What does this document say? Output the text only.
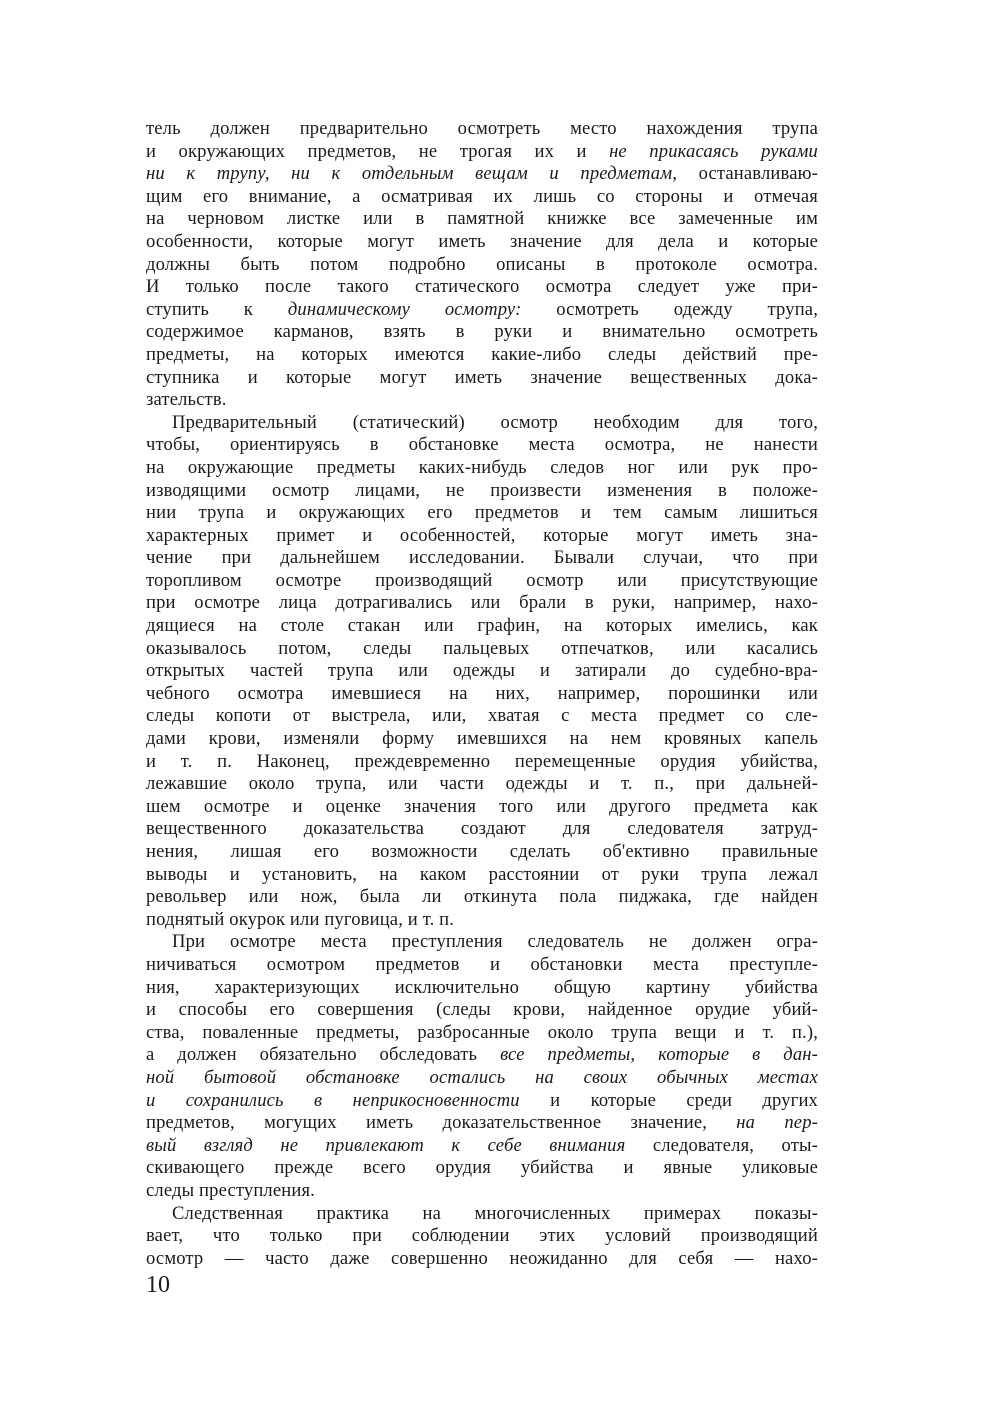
тель должен предварительно осмотреть место нахождения трупа
и окружающих предметов, не трогая их и не прикасаясь руками
ни к трупу, ни к отдельным вещам и предметам, останавливаю-
щим его внимание, а осматривая их лишь со стороны и отмечая
на черновом листке или в памятной книжке все замеченные им
особенности, которые могут иметь значение для дела и которые
должны быть потом подробно описаны в протоколе осмотра.
И только после такого статического осмотра следует уже при-
ступить к динамическому осмотру: осмотреть одежду трупа,
содержимое карманов, взять в руки и внимательно осмотреть
предметы, на которых имеются какие-либо следы действий пре-
ступника и которые могут иметь значение вещественных дока-
зательств.
Предварительный (статический) осмотр необходим для того,
чтобы, ориентируясь в обстановке места осмотра, не нанести
на окружающие предметы каких-нибудь следов ног или рук про-
изводящими осмотр лицами, не произвести изменения в положе-
нии трупа и окружающих его предметов и тем самым лишиться
характерных примет и особенностей, которые могут иметь зна-
чение при дальнейшем исследовании. Бывали случаи, что при
торопливом осмотре производящий осмотр или присутствующие
при осмотре лица дотрагивались или брали в руки, например, нахо-
дящиеся на столе стакан или графин, на которых имелись, как
оказывалось потом, следы пальцевых отпечатков, или касались
открытых частей трупа или одежды и затирали до судебно-вра-
чебного осмотра имевшиеся на них, например, порошинки или
следы копоти от выстрела, или, хватая с места предмет со сле-
дами крови, изменяли форму имевшихся на нем кровяных капель
и т. п. Наконец, преждевременно перемещенные орудия убийства,
лежавшие около трупа, или части одежды и т. п., при дальней-
шем осмотре и оценке значения того или другого предмета как
вещественного доказательства создают для следователя затруд-
нения, лишая его возможности сделать об'ективно правильные
выводы и установить, на каком расстоянии от руки трупа лежал
револьвер или нож, была ли откинута пола пиджака, где найден
поднятый окурок или пуговица, и т. п.
При осмотре места преступления следователь не должен огра-
ничиваться осмотром предметов и обстановки места преступле-
ния, характеризующих исключительно общую картину убийства
и способы его совершения (следы крови, найденное орудие убий-
ства, поваленные предметы, разбросанные около трупа вещи и т. п.),
а должен обязательно обследовать все предметы, которые в дан-
ной бытовой обстановке остались на своих обычных местах
и сохранились в неприкосновенности и которые среди других
предметов, могущих иметь доказательственное значение, на пер-
вый взгляд не привлекают к себе внимания следователя, оты-
скивающего прежде всего орудия убийства и явные уликовые
следы преступления.
Следственная практика на многочисленных примерах показы-
вает, что только при соблюдении этих условий производящий
осмотр — часто даже совершенно неожиданно для себя — нахо-
10
